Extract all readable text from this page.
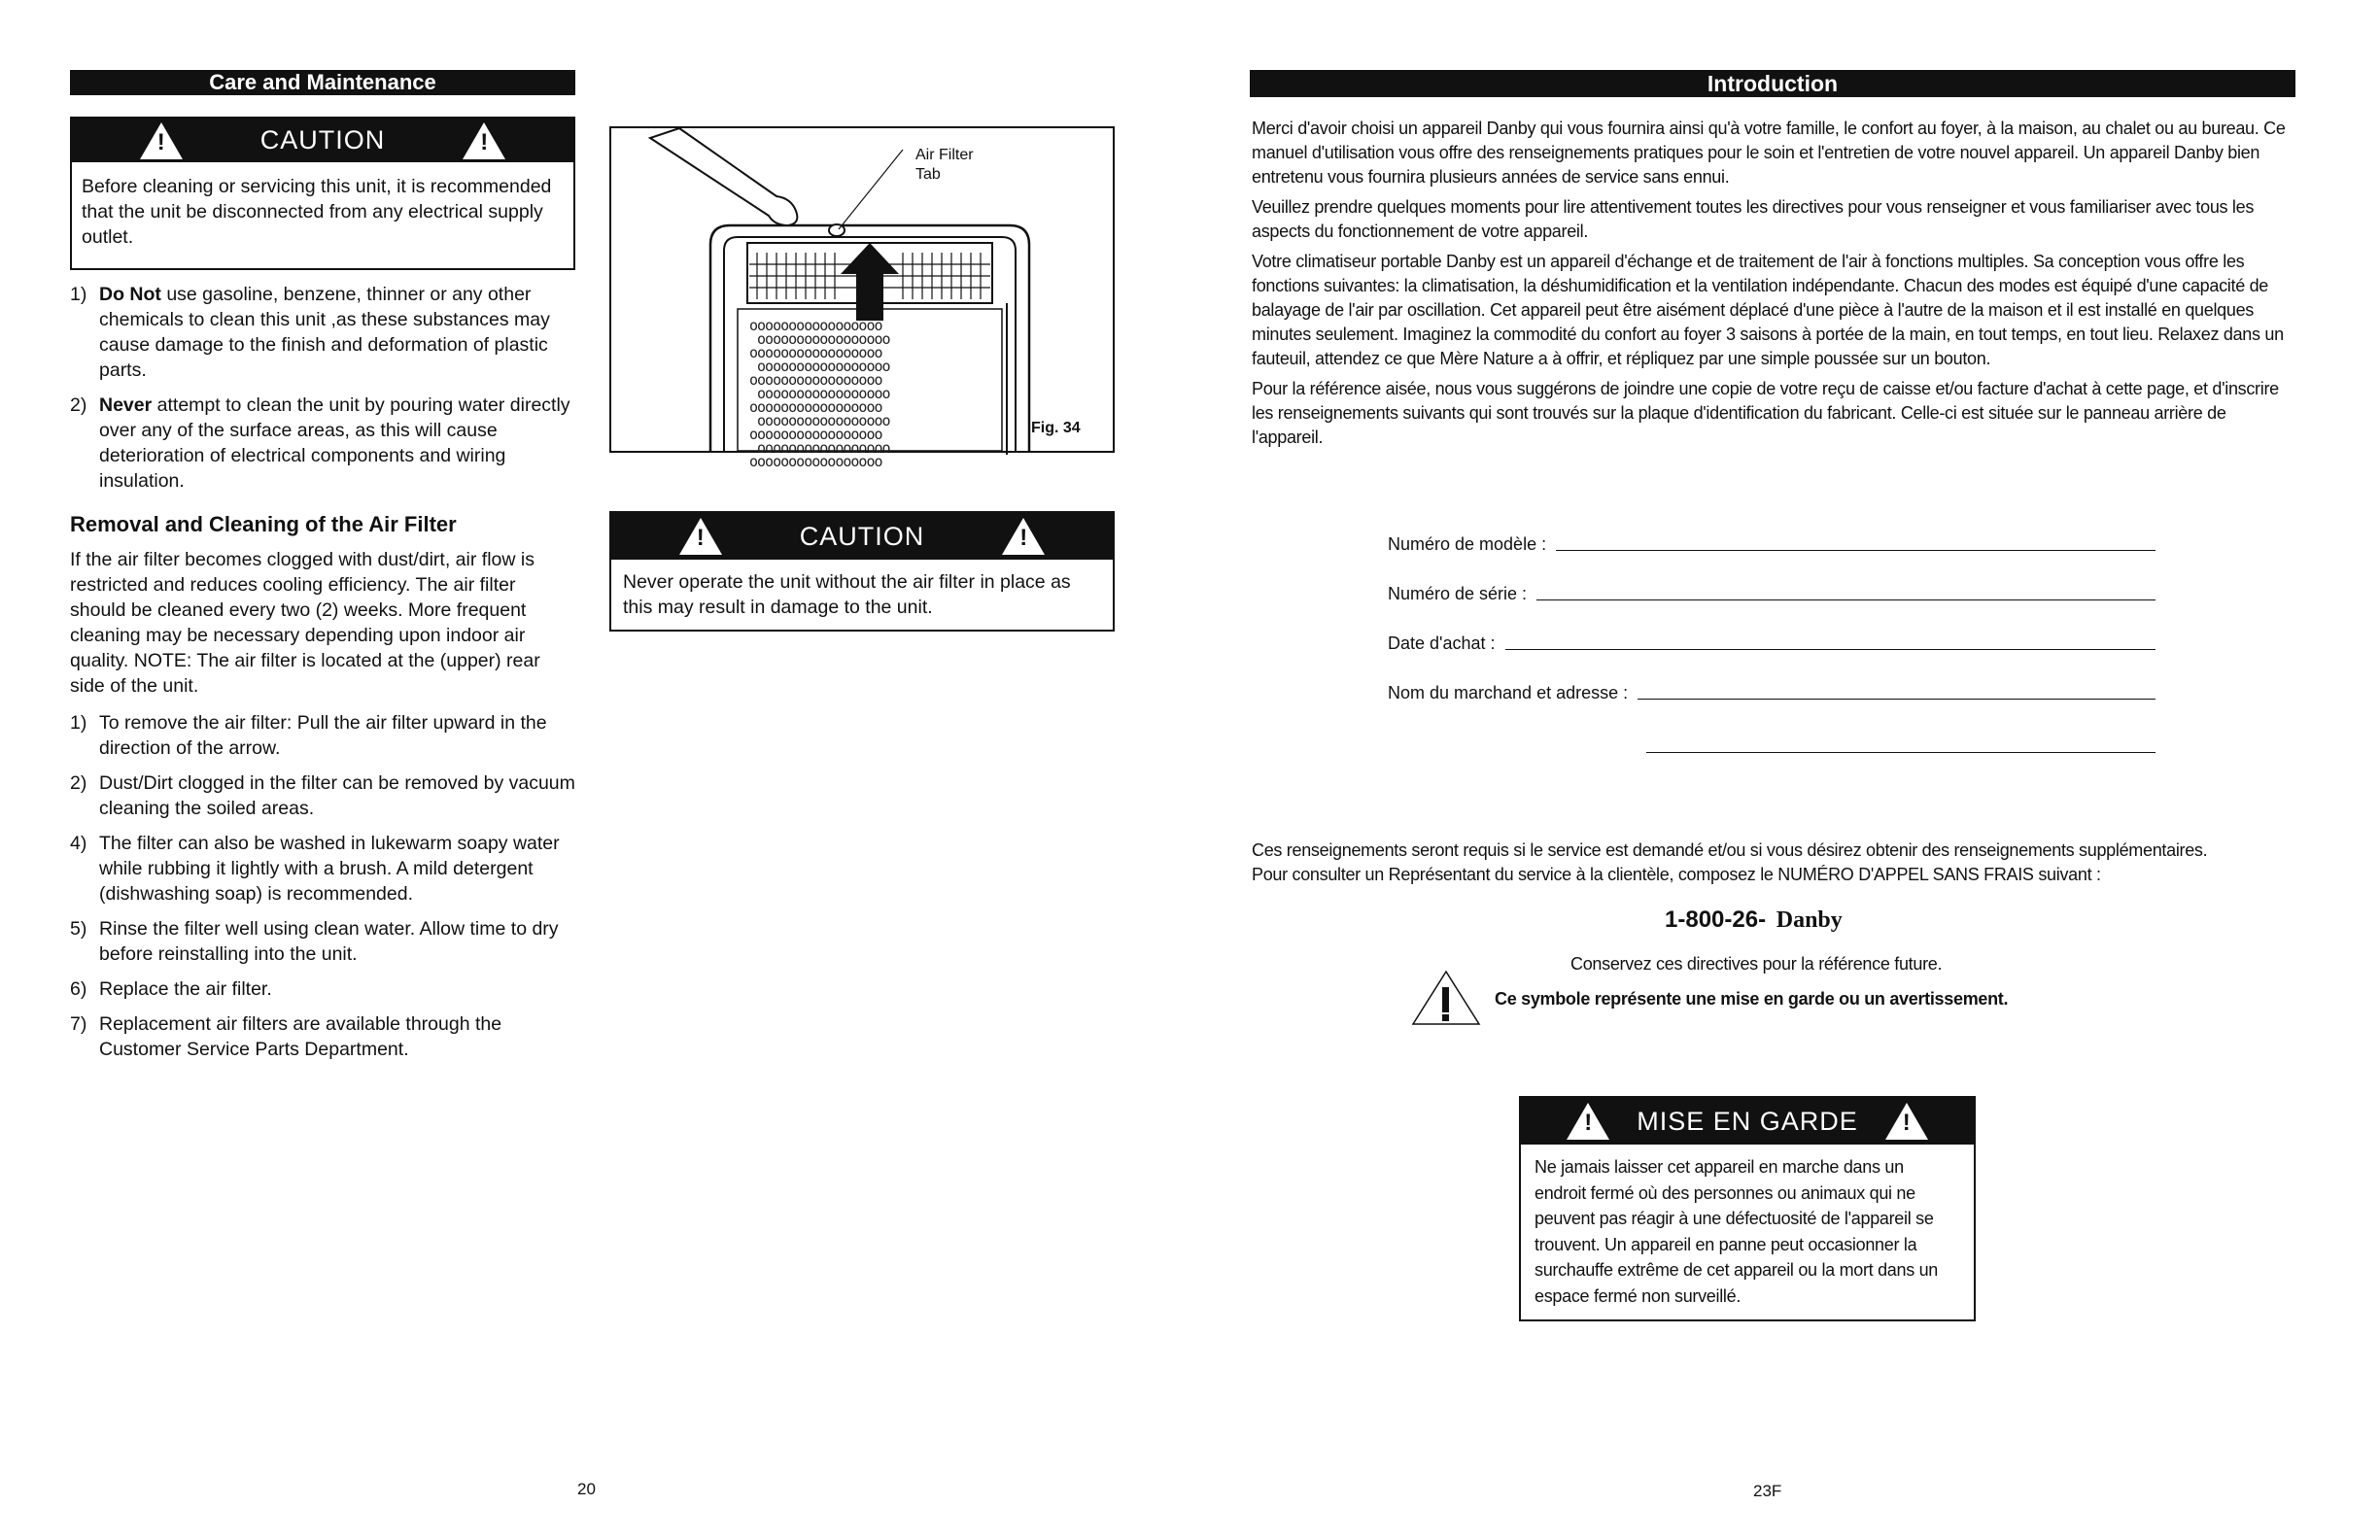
Care and Maintenance
!	CAUTION	!
Before cleaning or servicing this unit, it is recommended that the unit be disconnected from any electrical supply outlet.
1) Do Not use gasoline, benzene, thinner or any other chemicals to clean this unit ,as these substances may cause damage to the finish and deformation of plastic parts.
2) Never attempt to clean the unit by pouring water directly over any of the surface areas, as this will cause deterioration of electrical components and wiring insulation.
Removal and Cleaning of the Air Filter
If the air filter becomes clogged with dust/dirt, air flow is restricted and reduces cooling efficiency. The air filter should be cleaned every two (2) weeks. More frequent cleaning may be necessary depending upon indoor air quality. NOTE: The air filter is located at the (upper) rear side of the unit.
1) To remove the air filter: Pull the air filter upward in the direction of the arrow.
2) Dust/Dirt clogged in the filter can be removed by vacuum cleaning the soiled areas.
4) The filter can also be washed in lukewarm soapy water while rubbing it lightly with a brush. A mild detergent (dishwashing soap) is recommended.
5) Rinse the filter well using clean water. Allow time to dry before reinstalling into the unit.
6) Replace the air filter.
7) Replacement air filters are available through the Customer Service Parts Department.
ooooooooooooooooo
ooooooooooooooooo
ooooooooooooooooo
ooooooooooooooooo
ooooooooooooooooo
ooooooooooooooooo
ooooooooooooooooo
ooooooooooooooooo
ooooooooooooooooo
ooooooooooooooooo
ooooooooooooooooo
Air Filter
Tab
Fig. 34
!	CAUTION	!
Never operate the unit without the air filter in place as this may result in damage to the unit.
20
Introduction

Merci d'avoir choisi un appareil Danby qui vous fournira ainsi qu'à votre famille, le confort au foyer, à la maison, au chalet ou au bureau. Ce manuel d'utilisation vous offre des renseignements pratiques pour le soin et l'entretien de votre nouvel appareil. Un appareil Danby bien entretenu vous fournira plusieurs années de service sans ennui.

Veuillez prendre quelques moments pour lire attentivement toutes les directives pour vous renseigner et vous familiariser avec tous les aspects du fonctionnement de votre appareil.

Votre climatiseur portable Danby est un appareil d'échange et de traitement de l'air à fonctions multiples. Sa conception vous offre les fonctions suivantes: la climatisation, la déshumidification et la ventilation indépendante. Chacun des modes est équipé d'une capacité de balayage de l'air par oscillation. Cet appareil peut être aisément déplacé d'une pièce à l'autre de la maison et il est installé en quelques minutes seulement. Imaginez la commodité du confort au foyer 3 saisons à portée de la main, en tout temps, en tout lieu. Relaxez dans un fauteuil, attendez ce que Mère Nature a à offrir, et répliquez par une simple poussée sur un bouton.

Pour la référence aisée, nous vous suggérons de joindre une copie de votre reçu de caisse et/ou facture d'achat à cette page, et d'inscrire les renseignements suivants qui sont trouvés sur la plaque d'identification du fabricant. Celle-ci est située sur le panneau arrière de l'appareil.

Numéro de modèle :
Numéro de série :
Date d'achat :
Nom du marchand et adresse :
Ces renseignements seront requis si le service est demandé et/ou si vous désirez obtenir des renseignements supplémentaires.
Pour consulter un Représentant du service à la clientèle, composez le NUMÉRO D'APPEL SANS FRAIS suivant :
1-800-26- Danby
Conservez ces directives pour la référence future.
Ce symbole représente une mise en garde ou un avertissement.
! MISE EN GARDE !
Ne jamais laisser cet appareil en marche dans un endroit fermé où des personnes ou animaux qui ne peuvent pas réagir à une défectuosité de l'appareil se trouvent. Un appareil en panne peut occasionner la surchauffe extrême de cet appareil ou la mort dans un espace fermé non surveillé.
23F
